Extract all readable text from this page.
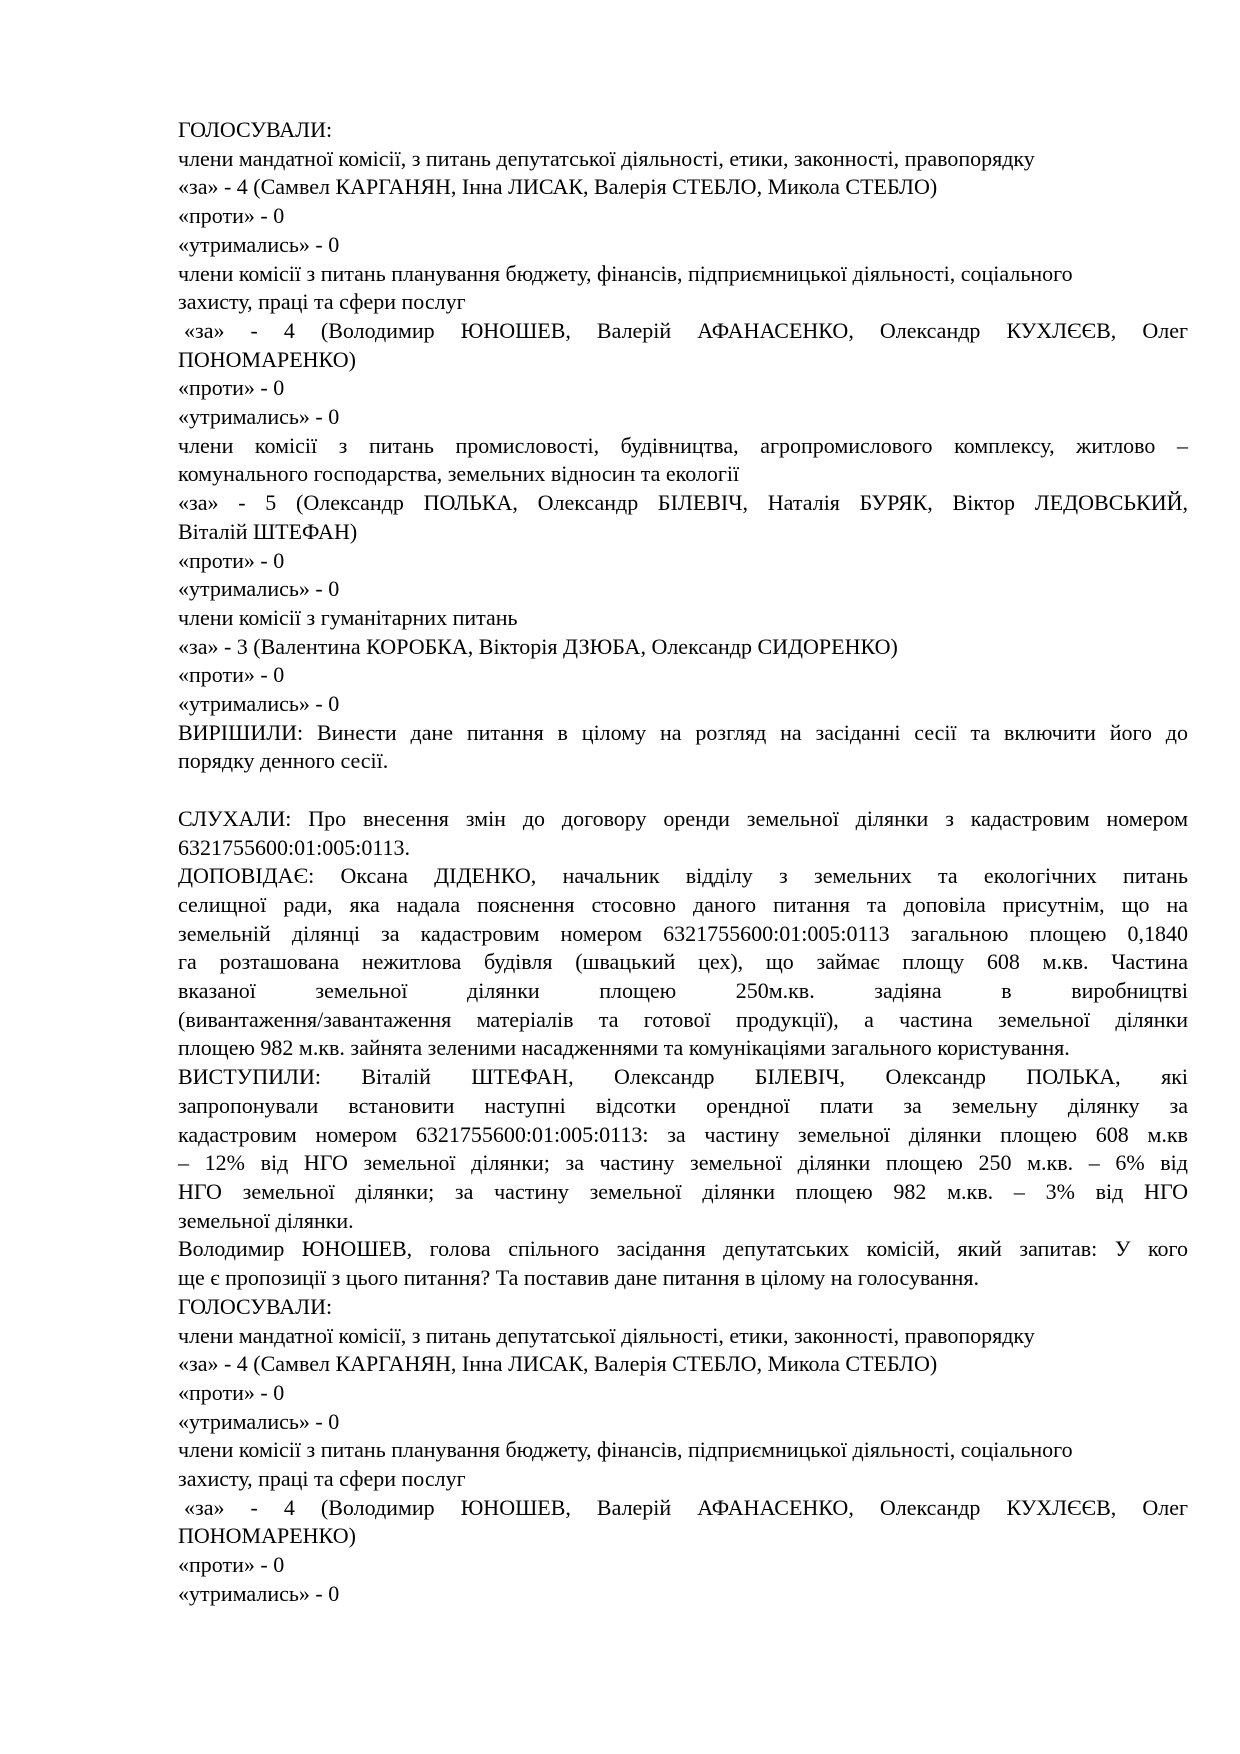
ГОЛОСУВАЛИ:
члени мандатної комісії, з питань депутатської діяльності, етики, законності, правопорядку
«за» - 4 (Самвел КАРГАНЯН, Інна ЛИСАК, Валерія СТЕБЛО, Микола СТЕБЛО)
«проти» - 0
«утримались» - 0
члени комісії з питань планування бюджету, фінансів, підприємницької діяльності, соціального
захисту, праці та сфери послуг
«за» - 4 (Володимир ЮНОШЕВ, Валерій АФАНАСЕНКО, Олександр КУХЛЄЄВ, Олег
ПОНОМАРЕНКО)
«проти» - 0
«утримались» - 0
члени комісії з питань промисловості, будівництва, агропромислового комплексу, житлово –
комунального господарства, земельних відносин та екології
«за» - 5 (Олександр ПОЛЬКА, Олександр БІЛЕВІЧ, Наталія БУРЯК, Віктор ЛЕДОВСЬКИЙ,
Віталій ШТЕФАН)
«проти» - 0
«утримались» - 0
члени комісії з гуманітарних питань
«за» - 3 (Валентина КОРОБКА, Вікторія ДЗЮБА, Олександр СИДОРЕНКО)
«проти» - 0
«утримались» - 0
ВИРІШИЛИ: Винести дане питання в цілому на розгляд на засіданні сесії та включити його до
порядку денного сесії.
СЛУХАЛИ: Про внесення змін до договору оренди земельної ділянки з кадастровим номером
6321755600:01:005:0113.
ДОПОВІДАЄ: Оксана ДІДЕНКО, начальник відділу з земельних та екологічних питань
селищної ради, яка надала пояснення стосовно даного питання та доповіла присутнім, що на
земельній ділянці за кадастровим номером 6321755600:01:005:0113 загальною площею 0,1840
га розташована нежитлова будівля (швацький цех), що займає площу 608 м.кв. Частина
вказаної земельної ділянки площею 250м.кв. задіяна в виробництві
(вивантаження/завантаження матеріалів та готової продукції), а частина земельної ділянки
площею 982 м.кв. зайнята зеленими насадженнями та комунікаціями загального користування.
ВИСТУПИЛИ: Віталій ШТЕФАН, Олександр БІЛЕВІЧ, Олександр ПОЛЬКА, які
запропонували встановити наступні відсотки орендної плати за земельну ділянку за
кадастровим номером 6321755600:01:005:0113: за частину земельної ділянки площею 608 м.кв
– 12% від НГО земельної ділянки; за частину земельної ділянки площею 250 м.кв. – 6% від
НГО земельної ділянки; за частину земельної ділянки площею 982 м.кв. – 3% від НГО
земельної ділянки.
Володимир ЮНОШЕВ, голова спільного засідання депутатських комісій, який запитав: У кого
ще є пропозиції з цього питання? Та поставив дане питання в цілому на голосування.
ГОЛОСУВАЛИ:
члени мандатної комісії, з питань депутатської діяльності, етики, законності, правопорядку
«за» - 4 (Самвел КАРГАНЯН, Інна ЛИСАК, Валерія СТЕБЛО, Микола СТЕБЛО)
«проти» - 0
«утримались» - 0
члени комісії з питань планування бюджету, фінансів, підприємницької діяльності, соціального
захисту, праці та сфери послуг
«за» - 4 (Володимир ЮНОШЕВ, Валерій АФАНАСЕНКО, Олександр КУХЛЄЄВ, Олег
ПОНОМАРЕНКО)
«проти» - 0
«утримались» - 0
